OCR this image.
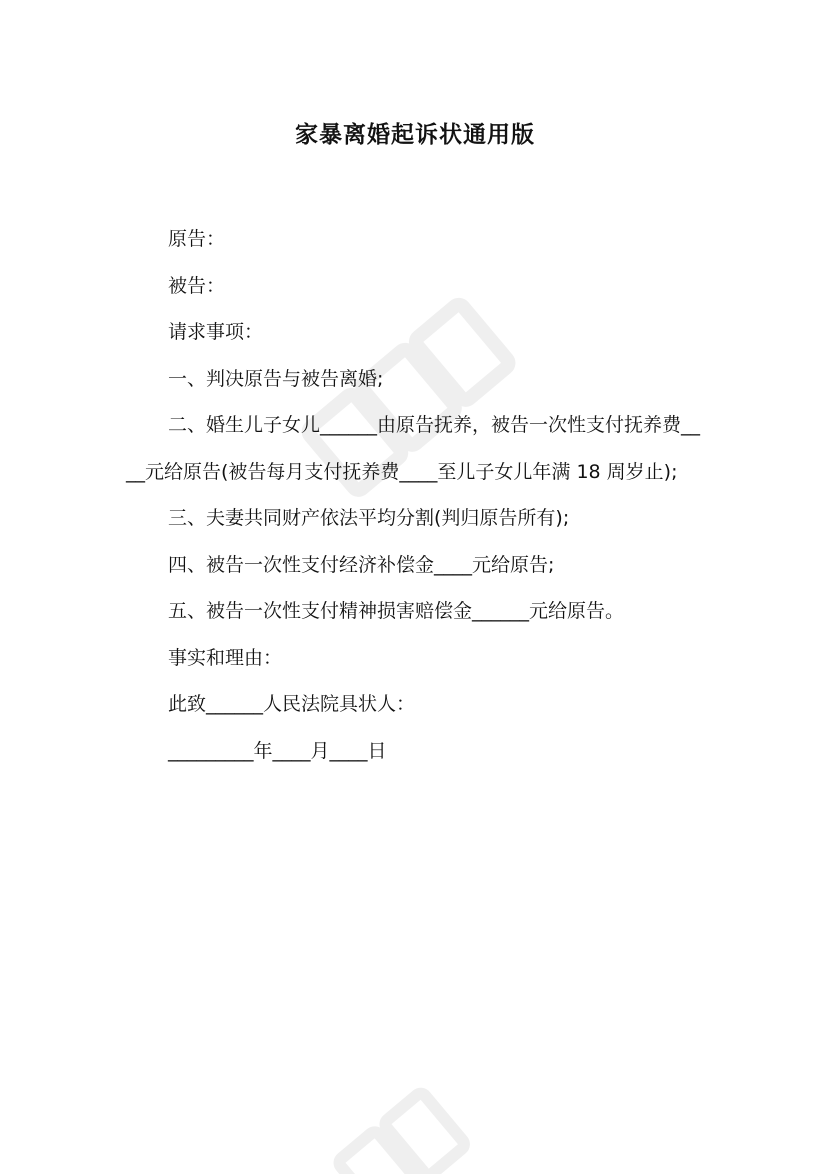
家暴离婚起诉状通用版

原告：

被告：

请求事项：

一、判决原告与被告离婚;

二、婚生儿子女儿______由原告抚养，被告一次性支付抚养费____元给原告(被告每月支付抚养费____至儿子女儿年满 18 周岁止);

三、夫妻共同财产依法平均分割(判归原告所有);

四、被告一次性支付经济补偿金____元给原告;

五、被告一次性支付精神损害赔偿金______元给原告。

事实和理由：

此致______人民法院具状人：

_________年____月____日
